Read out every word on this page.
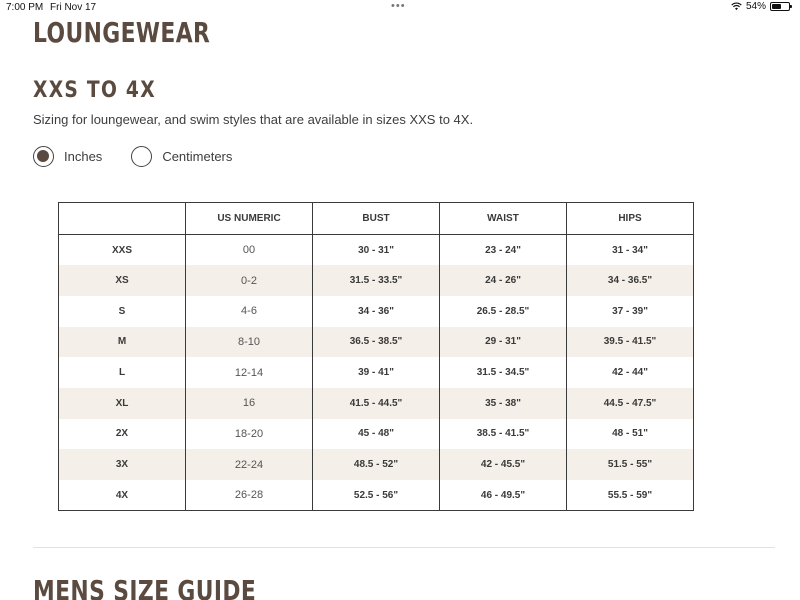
7:00 PM Fri Nov 17	•••	54%
LOUNGEWEAR
XXS TO 4X

Sizing for loungewear, and swim styles that are available in sizes XXS to 4X.

Inches	Centimeters
	US NUMERIC	BUST	WAIST	HIPS
XXS	00	30 - 31"	23 - 24"	31 - 34"
XS	0-2	31.5 - 33.5"	24 - 26"	34 - 36.5"
S	4-6	34 - 36"	26.5 - 28.5"	37 - 39"
M	8-10	36.5 - 38.5"	29 - 31"	39.5 - 41.5"
L	12-14	39 - 41"	31.5 - 34.5"	42 - 44"
XL	16	41.5 - 44.5"	35 - 38"	44.5 - 47.5"
2X	18-20	45 - 48"	38.5 - 41.5"	48 - 51"
3X	22-24	48.5 - 52"	42 - 45.5"	51.5 - 55"
4X	26-28	52.5 - 56"	46 - 49.5"	55.5 - 59"
MENS SIZE GUIDE
